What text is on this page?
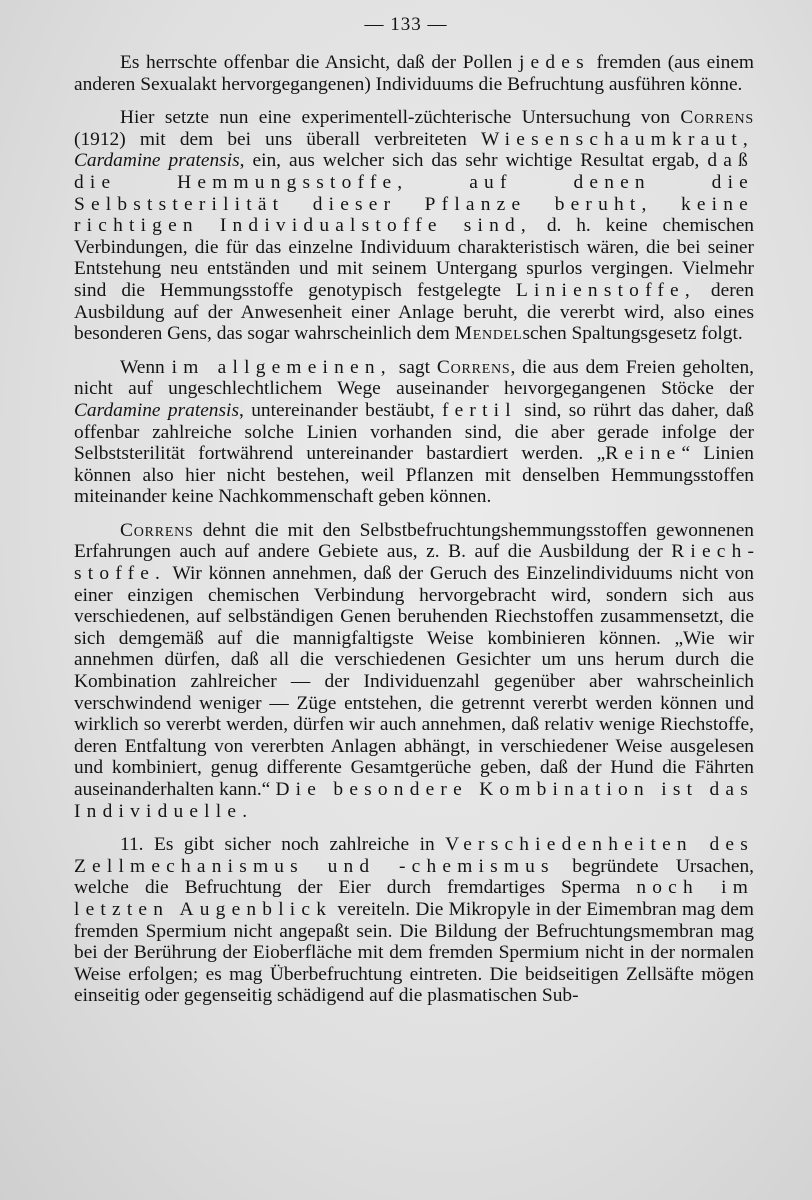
— 133 —

Es herrschte offenbar die Ansicht, daß der Pollen jedes fremden (aus einem anderen Sexualakt hervorgegangenen) Individuums die Befruchtung ausführen könne.

Hier setzte nun eine experimentell-züchterische Untersuchung von Correns (1912) mit dem bei uns überall verbreiteten Wiesenschaumkraut, Cardamine pratensis, ein, aus welcher sich das sehr wichtige Resultat ergab, daß die Hemmungsstoffe, auf denen die Selbststerilität dieser Pflanze beruht, keine richtigen Individualstoffe sind, d. h. keine chemischen Verbindungen, die für das einzelne Individuum charakteristisch wären, die bei seiner Entstehung neu entständen und mit seinem Untergang spurlos vergingen. Vielmehr sind die Hemmungsstoffe genotypisch festgelegte Linienstoffe, deren Ausbildung auf der Anwesenheit einer Anlage beruht, die vererbt wird, also eines besonderen Gens, das sogar wahrscheinlich dem Mendelschen Spaltungsgesetz folgt.

Wenn im allgemeinen, sagt Correns, die aus dem Freien geholten, nicht auf ungeschlechtlichem Wege auseinander heıvorgegangenen Stöcke der Cardamine pratensis, untereinander bestäubt, fertil sind, so rührt das daher, daß offenbar zahlreiche solche Linien vorhanden sind, die aber gerade infolge der Selbststerilität fortwährend untereinander bastardiert werden. „Reine“ Linien können also hier nicht bestehen, weil Pflanzen mit denselben Hemmungsstoffen miteinander keine Nachkommenschaft geben können.

Correns dehnt die mit den Selbstbefruchtungshemmungsstoffen gewonnenen Erfahrungen auch auf andere Gebiete aus, z. B. auf die Ausbildung der Riechstoffe. Wir können annehmen, daß der Geruch des Einzelindividuums nicht von einer einzigen chemischen Verbindung hervorgebracht wird, sondern sich aus verschiedenen, auf selbständigen Genen beruhenden Riechstoffen zusammensetzt, die sich demgemäß auf die mannigfaltigste Weise kombinieren können. „Wie wir annehmen dürfen, daß all die verschiedenen Gesichter um uns herum durch die Kombination zahlreicher — der Individuenzahl gegenüber aber wahrscheinlich verschwindend weniger — Züge entstehen, die getrennt vererbt werden können und wirklich so vererbt werden, dürfen wir auch annehmen, daß relativ wenige Riechstoffe, deren Entfaltung von vererbten Anlagen abhängt, in verschiedener Weise ausgelesen und kombiniert, genug differente Gesamtgerüche geben, daß der Hund die Fährten auseinanderhalten kann.“ Die besondere Kombination ist das Individuelle.

11. Es gibt sicher noch zahlreiche in Verschiedenheiten des Zellmechanismus und -chemismus begründete Ursachen, welche die Befruchtung der Eier durch fremdartiges Sperma noch im letzten Augenblick vereiteln. Die Mikropyle in der Eimembran mag dem fremden Spermium nicht angepaßt sein. Die Bildung der Befruchtungsmembran mag bei der Berührung der Eioberfläche mit dem fremden Spermium nicht in der normalen Weise erfolgen; es mag Überbefruchtung eintreten. Die beidseitigen Zellsäfte mögen einseitig oder gegenseitig schädigend auf die plasmatischen Sub-
